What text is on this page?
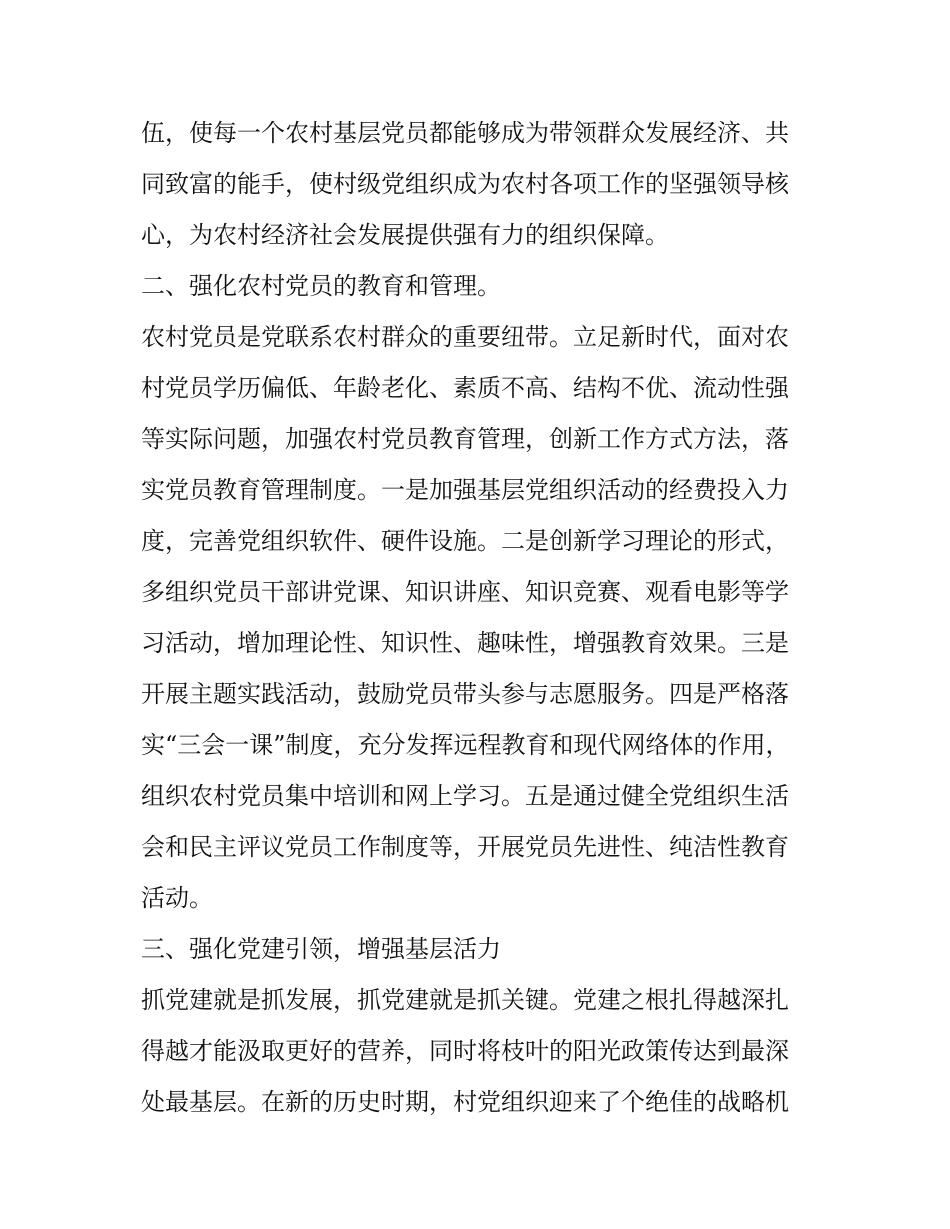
伍，使每一个农村基层党员都能够成为带领群众发展经济、共
同致富的能手，使村级党组织成为农村各项工作的坚强领导核
心，为农村经济社会发展提供强有力的组织保障。
二、强化农村党员的教育和管理。
农村党员是党联系农村群众的重要纽带。立足新时代，面对农
村党员学历偏低、年龄老化、素质不高、结构不优、流动性强
等实际问题，加强农村党员教育管理，创新工作方式方法，落
实党员教育管理制度。一是加强基层党组织活动的经费投入力
度，完善党组织软件、硬件设施。二是创新学习理论的形式，
多组织党员干部讲党课、知识讲座、知识竞赛、观看电影等学
习活动，增加理论性、知识性、趣味性，增强教育效果。三是
开展主题实践活动，鼓励党员带头参与志愿服务。四是严格落
实“三会一课”制度，充分发挥远程教育和现代网络体的作用，
组织农村党员集中培训和网上学习。五是通过健全党组织生活
会和民主评议党员工作制度等，开展党员先进性、纯洁性教育
活动。
三、强化党建引领，增强基层活力
抓党建就是抓发展，抓党建就是抓关键。党建之根扎得越深扎
得越才能汲取更好的营养，同时将枝叶的阳光政策传达到最深
处最基层。在新的历史时期，村党组织迎来了个绝佳的战略机
